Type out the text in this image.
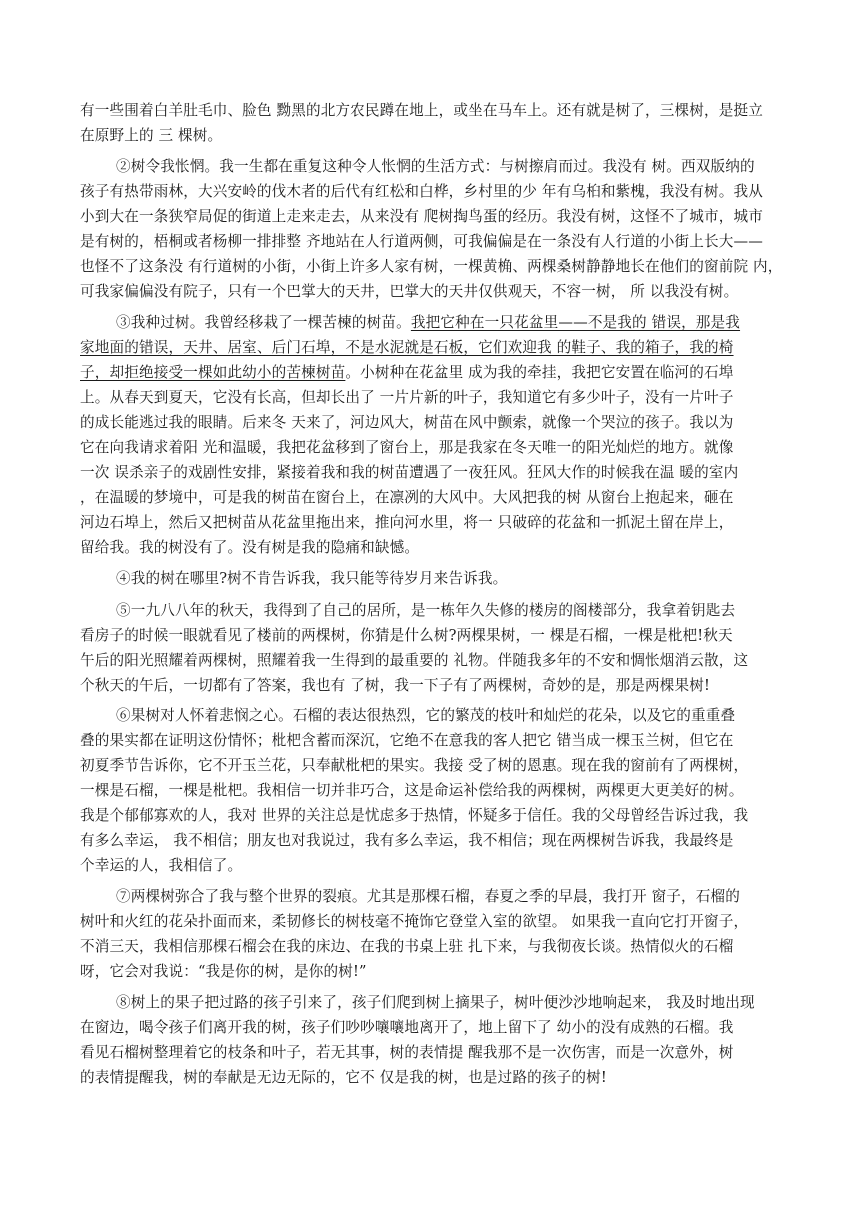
有一些围着白羊肚毛巾、脸色 黝黑的北方农民蹲在地上，或坐在马车上。还有就是树了，三棵树，是挺立
在原野上的 三 棵树。
②树令我怅惘。我一生都在重复这种令人怅惘的生活方式：与树擦肩而过。我没有 树。西双版纳的
孩子有热带雨林，大兴安岭的伐木者的后代有红松和白桦，乡村里的少 年有乌桕和紫槐，我没有树。我从
小到大在一条狭窄局促的街道上走来走去，从来没有 爬树掏鸟蛋的经历。我没有树，这怪不了城市，城市
是有树的，梧桐或者杨柳一排排整 齐地站在人行道两侧，可我偏偏是在一条没有人行道的小街上长大——
也怪不了这条没 有行道树的小街，小街上许多人家有树，一棵黄桷、两棵桑树静静地长在他们的窗前院 内，
可我家偏偏没有院子，只有一个巴掌大的天井，巴掌大的天井仅供观天，不容一树， 所 以我没有树。
③我种过树。我曾经移栽了一棵苦楝的树苗。我把它种在一只花盆里——不是我的 错误，那是我
家地面的错误，天井、居室、后门石埠，不是水泥就是石板，它们欢迎我 的鞋子、我的箱子，我的椅
子，却拒绝接受一棵如此幼小的苦楝树苗。小树种在花盆里 成为我的牵挂，我把它安置在临河的石埠
上。从春天到夏天，它没有长高，但却长出了 一片片新的叶子，我知道它有多少叶子，没有一片叶子
的成长能逃过我的眼睛。后来冬 天来了，河边风大，树苗在风中颤索，就像一个哭泣的孩子。我以为
它在向我请求着阳 光和温暖，我把花盆移到了窗台上，那是我家在冬天唯一的阳光灿烂的地方。就像
一次 误杀亲子的戏剧性安排，紧接着我和我的树苗遭遇了一夜狂风。狂风大作的时候我在温 暖的室内
，在温暖的梦境中，可是我的树苗在窗台上，在凛冽的大风中。大风把我的树 从窗台上抱起来，砸在
河边石埠上，然后又把树苗从花盆里拖出来，推向河水里，将一 只破碎的花盆和一抓泥土留在岸上，
留给我。我的树没有了。没有树是我的隐痛和缺憾。
④我的树在哪里?树不肯告诉我，我只能等待岁月来告诉我。
⑤一九八八年的秋天，我得到了自己的居所，是一栋年久失修的楼房的阁楼部分，我拿着钥匙去
看房子的时候一眼就看见了楼前的两棵树，你猜是什么树?两棵果树，一 棵是石榴，一棵是枇杷!秋天
午后的阳光照耀着两棵树，照耀着我一生得到的最重要的 礼物。伴随我多年的不安和惆怅烟消云散，这
个秋天的午后，一切都有了答案，我也有 了树，我一下子有了两棵树，奇妙的是，那是两棵果树!
⑥果树对人怀着悲悯之心。石榴的表达很热烈，它的繁茂的枝叶和灿烂的花朵，以及它的重重叠
叠的果实都在证明这份情怀；枇杷含蓄而深沉，它绝不在意我的客人把它 错当成一棵玉兰树，但它在
初夏季节告诉你，它不开玉兰花，只奉献枇杷的果实。我接 受了树的恩惠。现在我的窗前有了两棵树，
一棵是石榴，一棵是枇杷。我相信一切并非巧合，这是命运补偿给我的两棵树，两棵更大更美好的树。
我是个郁郁寡欢的人，我对 世界的关注总是忧虑多于热情，怀疑多于信任。我的父母曾经告诉过我，我
有多么幸运， 我不相信；朋友也对我说过，我有多么幸运，我不相信；现在两棵树告诉我，我最终是
个幸运的人，我相信了。
⑦两棵树弥合了我与整个世界的裂痕。尤其是那棵石榴，春夏之季的早晨，我打开 窗子，石榴的
树叶和火红的花朵扑面而来，柔韧修长的树枝毫不掩饰它登堂入室的欲望。 如果我一直向它打开窗子，
不消三天，我相信那棵石榴会在我的床边、在我的书桌上驻 扎下来，与我彻夜长谈。热情似火的石榴
呀，它会对我说：“我是你的树，是你的树!”
⑧树上的果子把过路的孩子引来了，孩子们爬到树上摘果子，树叶便沙沙地响起来， 我及时地出现
在窗边，喝令孩子们离开我的树，孩子们吵吵嚷嚷地离开了，地上留下了 幼小的没有成熟的石榴。我
看见石榴树整理着它的枝条和叶子，若无其事，树的表情提 醒我那不是一次伤害，而是一次意外，树
的表情提醒我，树的奉献是无边无际的，它不 仅是我的树，也是过路的孩子的树!
